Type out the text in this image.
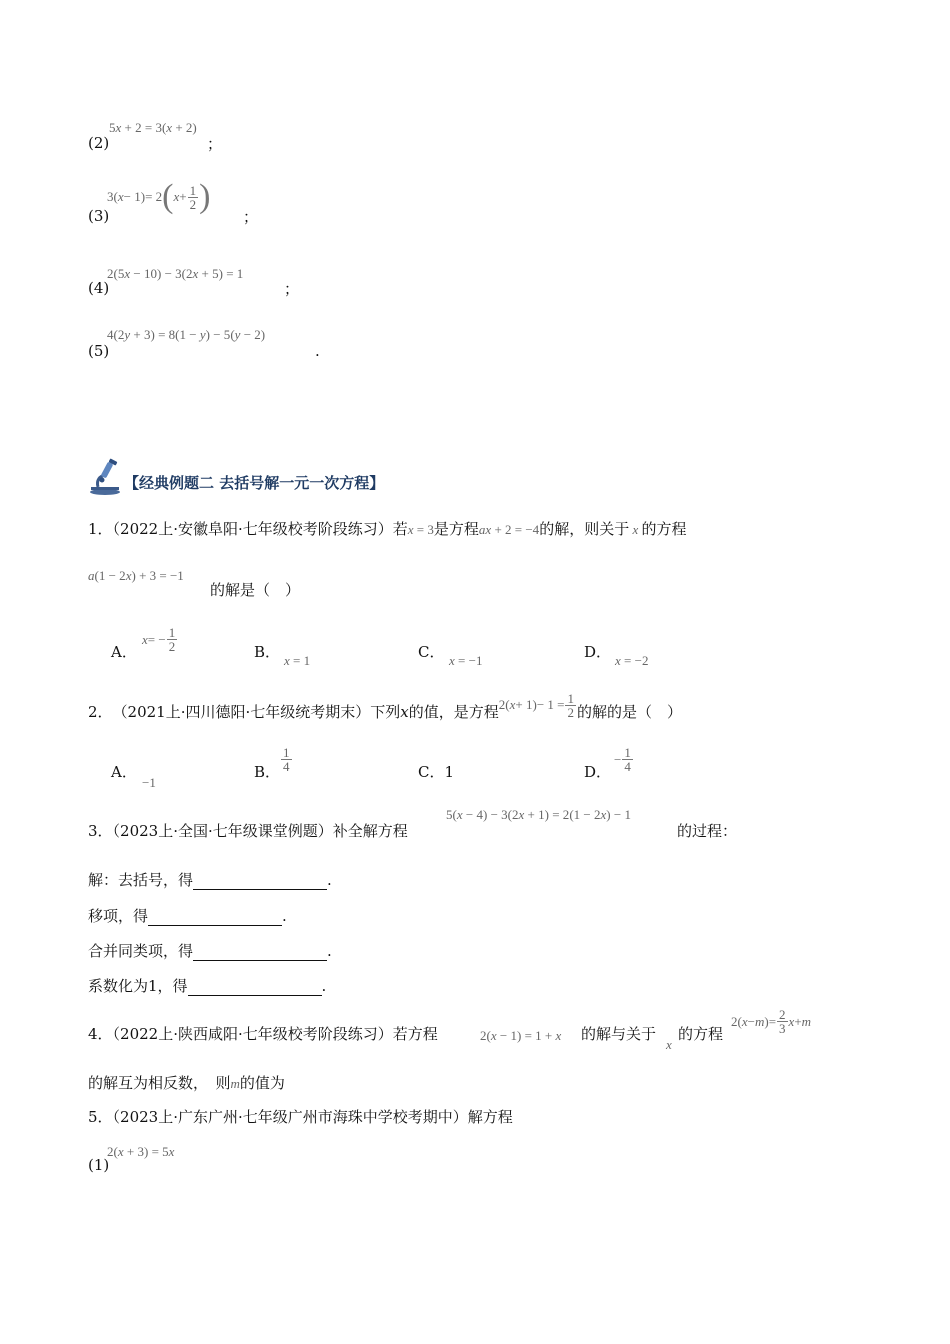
(2)
5x + 2 = 3(x + 2)
；
(3)
3 ( x − 1 ) = 2 ( $x + \frac{1}{2}$ )
；
(4)
2(5x − 10) − 3(2x + 5) = 1
；
(5)
4(2y + 3) = 8(1 − y) − 5(y − 2)
.
【经典例题二 去括号解一元一次方程】
1．（2022上·安徽阜阳·七年级校考阶段练习）若x = 3是方程ax + 2 = −4的解，则关于 x 的方程
a(1 − 2x) + 3 = −1
的解是（　）
A．
x = − $\frac{1}{2}$	B． x = 1	C． x = −1	D． x = −2
2． （2021上·四川德阳·七年级统考期末）下列 x 的值，是方程 2 ( x + 1 ) − $1 = \frac{1}{2}$ 的解的是（　）
A．
−1
B． $\frac{1}{4}$	C．1	D．
− $\frac{1}{4}$
3．（2023上·全国·七年级课堂例题）补全解方程
5(x − 4) − 3(2x + 1) = 2(1 − 2x) − 1
的过程：
解：去括号，得	.
移项，得	.
合并同类项，得	.
系数化为1，得	.
4．（2022上·陕西咸阳·七年级校考阶段练习）若方程	2(x − 1) = 1 + x 的解与关于
x
的方程
2 ( x − m ) = $\frac{2}{3}$ x + m
的解互为相反数，　则m的值为
5．（2023上·广东广州·七年级广州市海珠中学校考期中）解方程
(1)
2(x + 3) = 5x
